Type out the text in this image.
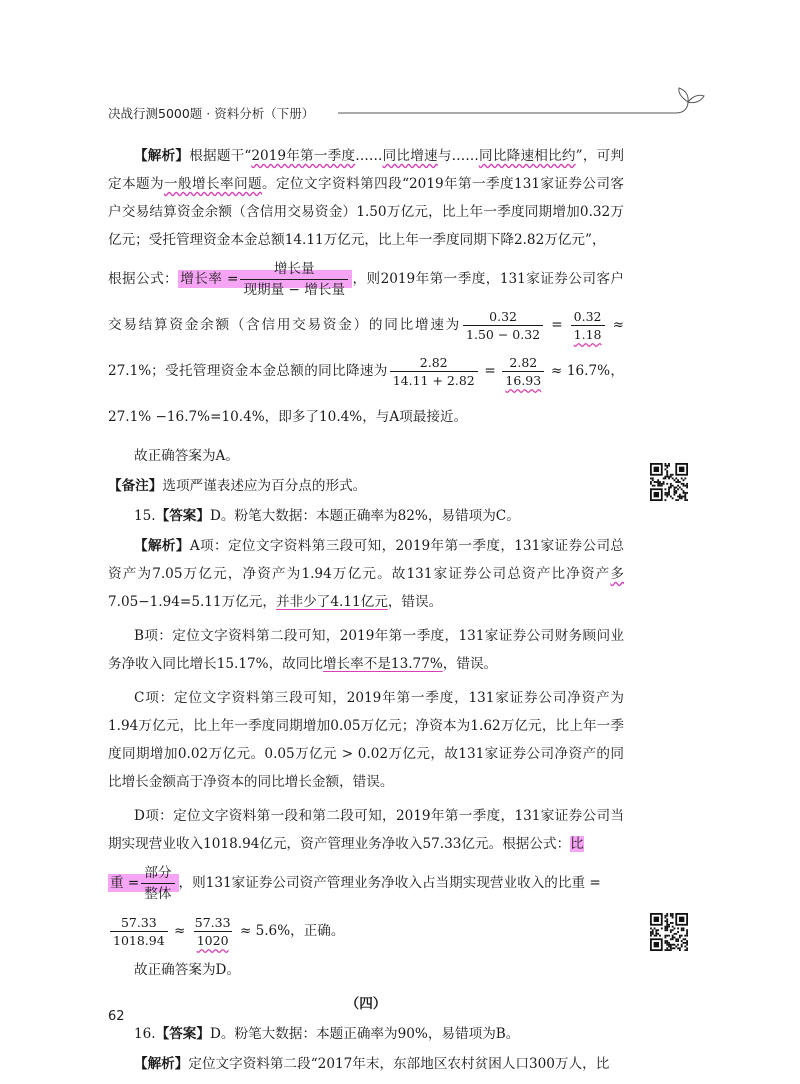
决战行测5000题 · 资料分析（下册）

【解析】根据题干“2019年第一季度……同比增速与……同比降速相比约”，可判定本题为一般增长率问题。定位文字资料第四段“2019年第一季度131家证券公司客户交易结算资金余额（含信用交易资金）1.50万亿元，比上年一季度同期增加0.32万亿元；受托管理资金本金总额14.11万亿元，比上年一季度同期下降2.82万亿元”，

根据公式： 增长率 = $\frac{\text{增长量}}{\text{现期量 − 增长量}}$ ，则2019年第一季度，131家证券公司客户交易结算资金余额（含信用交易资金）的同比增速为 $\frac{0.32}{1.50 - 0.32} = \frac{0.32}{1.18} \approx 27.1\%$；受托管理资金本金总额的同比降速为 $\frac{2.82}{14.11 + 2.82} = \frac{2.82}{16.93} \approx 16.7\%$，27.1% −16.7%=10.4%，即多了10.4%，与A项最接近。

故正确答案为A。

【备注】选项严谨表述应为百分点的形式。

15.【答案】D。粉笔大数据：本题正确率为82%，易错项为C。

【解析】A项：定位文字资料第三段可知，2019年第一季度，131家证券公司总资产为7.05万亿元，净资产为1.94万亿元。故131家证券公司总资产比净资产多7.05−1.94=5.11万亿元，并非少了4.11亿元，错误。

B项：定位文字资料第二段可知，2019年第一季度，131家证券公司财务顾问业务净收入同比增长15.17%，故同比增长率不是13.77%，错误。

C项：定位文字资料第三段可知，2019年第一季度，131家证券公司净资产为1.94万亿元，比上年一季度同期增加0.05万亿元；净资本为1.62万亿元，比上年一季度同期增加0.02万亿元。0.05万亿元 > 0.02万亿元，故131家证券公司净资产的同比增长金额高于净资本的同比增长金额，错误。

D项：定位文字资料第一段和第二段可知，2019年第一季度，131家证券公司当期实现营业收入1018.94亿元，资产管理业务净收入57.33亿元。根据公式：比

重 = $\frac{\text{部分}}{\text{整体}}$ ，则131家证券公司资产管理业务净收入占当期实现营业收入的比重 =

$\frac{57.33}{1018.94} \approx \frac{57.33}{1020} \approx 5.6\%$，正确。

故正确答案为D。

（四）

16.【答案】D。粉笔大数据：本题正确率为90%，易错项为B。

【解析】定位文字资料第二段“2017年末，东部地区农村贫困人口300万人，比

62
